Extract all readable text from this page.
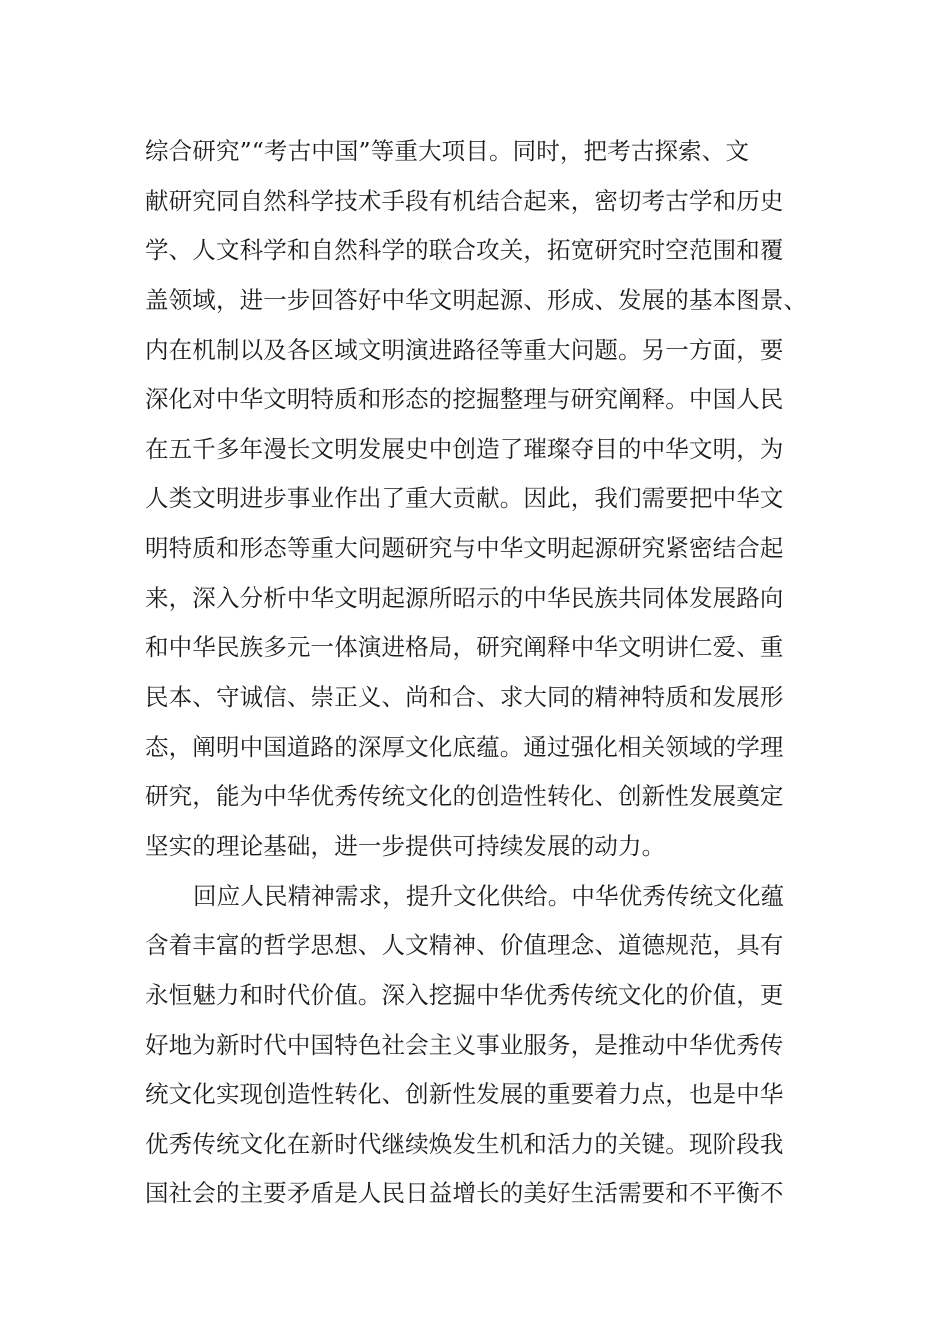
综合研究”“考古中国”等重大项目。同时，把考古探索、文
献研究同自然科学技术手段有机结合起来，密切考古学和历史
学、人文科学和自然科学的联合攻关，拓宽研究时空范围和覆
盖领域，进一步回答好中华文明起源、形成、发展的基本图景、
内在机制以及各区域文明演进路径等重大问题。另一方面，要
深化对中华文明特质和形态的挖掘整理与研究阐释。中国人民
在五千多年漫长文明发展史中创造了璀璨夺目的中华文明，为
人类文明进步事业作出了重大贡献。因此，我们需要把中华文
明特质和形态等重大问题研究与中华文明起源研究紧密结合起
来，深入分析中华文明起源所昭示的中华民族共同体发展路向
和中华民族多元一体演进格局，研究阐释中华文明讲仁爱、重
民本、守诚信、崇正义、尚和合、求大同的精神特质和发展形
态，阐明中国道路的深厚文化底蕴。通过强化相关领域的学理
研究，能为中华优秀传统文化的创造性转化、创新性发展奠定
坚实的理论基础，进一步提供可持续发展的动力。
回应人民精神需求，提升文化供给。中华优秀传统文化蕴
含着丰富的哲学思想、人文精神、价值理念、道德规范，具有
永恒魅力和时代价值。深入挖掘中华优秀传统文化的价值，更
好地为新时代中国特色社会主义事业服务，是推动中华优秀传
统文化实现创造性转化、创新性发展的重要着力点，也是中华
优秀传统文化在新时代继续焕发生机和活力的关键。现阶段我
国社会的主要矛盾是人民日益增长的美好生活需要和不平衡不
